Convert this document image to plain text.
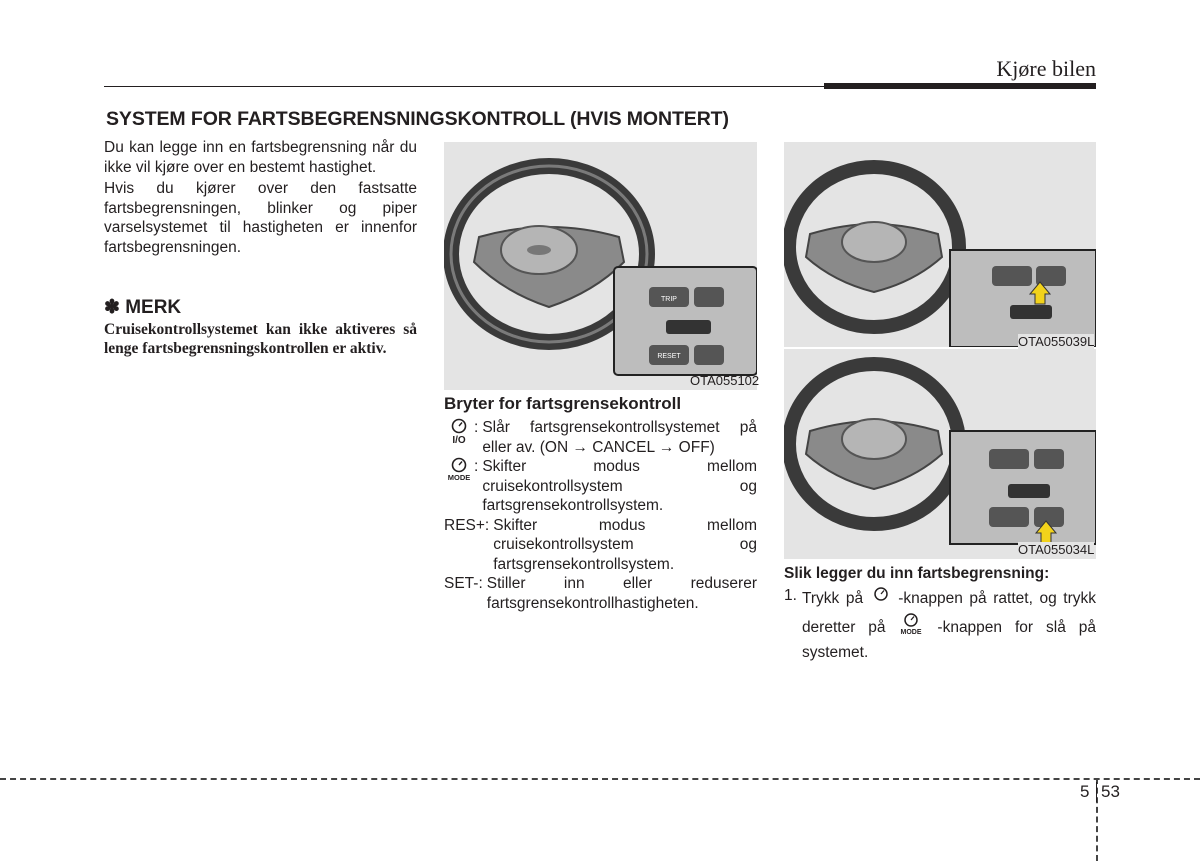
Kjøre bilen
SYSTEM FOR FARTSBEGRENSNINGSKONTROLL (HVIS MONTERT)

Du kan legge inn en fartsbegrensning når du ikke vil kjøre over en bestemt hastighet.

Hvis du kjører over den fastsatte fartsbegrensningen, blinker og piper varselsystemet til hastigheten er innenfor fartsbegrensningen.

✽ MERK
Cruisekontrollsystemet kan ikke aktiveres så lenge fartsbegrensningskontrollen er aktiv.
TRIP
RESET
OTA055102
OTA055039L
OTA055034L
Bryter for fartsgrensekontroll
I/O
: Slår fartsgrensekontrollsystemet på eller av. (ON → CANCEL → OFF)
MODE
: Skifter modus mellom cruisekontrollsystem og fartsgrensekontrollsystem.
RES+: Skifter modus mellom cruisekontrollsystem og fartsgrensekontrollsystem.
SET-: Stiller inn eller reduserer fartsgrensekontrollhastigheten.
Slik legger du inn fartsbegrensning:
1. Trykk på -knappen på rattet, og trykk deretter på MODE -knappen for slå på systemet.
5 53
